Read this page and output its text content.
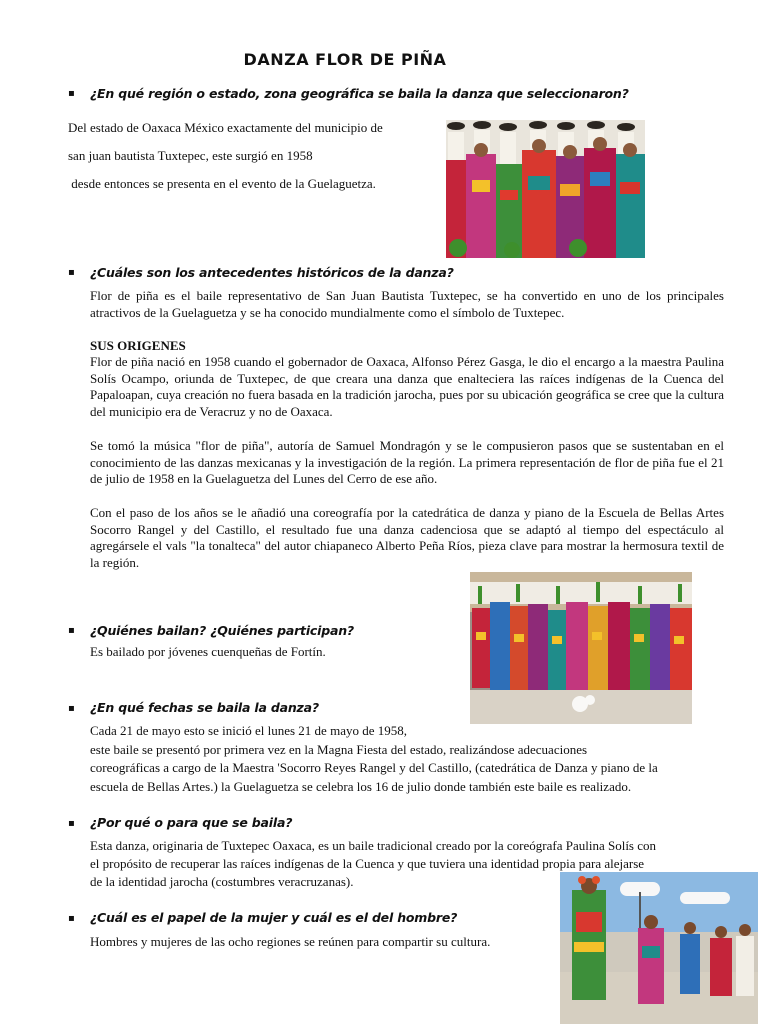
DANZA FLOR DE PIÑA
▪ ¿En qué región o estado, zona geográfica se baila la danza que seleccionaron?
Del estado de Oaxaca México exactamente del municipio de
san juan bautista Tuxtepec, este surgió en 1958
desde entonces se presenta en el evento de la Guelaguetza.
▪ ¿Cuáles son los antecedentes históricos de la danza?
Flor de piña es el baile representativo de San Juan Bautista Tuxtepec, se ha convertido en uno de los principales atractivos de la Guelaguetza y se ha conocido mundialmente como el símbolo de Tuxtepec.
SUS ORIGENES
Flor de piña nació en 1958 cuando el gobernador de Oaxaca, Alfonso Pérez Gasga, le dio el encargo a la maestra Paulina Solís Ocampo, oriunda de Tuxtepec, de que creara una danza que enalteciera las raíces indígenas de la Cuenca del Papaloapan, cuya creación no fuera basada en la tradición jarocha, pues por su ubicación geográfica se cree que la cultura del municipio era de Veracruz y no de Oaxaca.
Se tomó la música "flor de piña", autoría de Samuel Mondragón y se le compusieron pasos que se sustentaban en el conocimiento de las danzas mexicanas y la investigación de la región. La primera representación de flor de piña fue el 21 de julio de 1958 en la Guelaguetza del Lunes del Cerro de ese año.
Con el paso de los años se le añadió una coreografía por la catedrática de danza y piano de la Escuela de Bellas Artes Socorro Rangel y del Castillo, el resultado fue una danza cadenciosa que se adaptó al tiempo del espectáculo al agregársele el vals "la tonalteca" del autor chiapaneco Alberto Peña Ríos, pieza clave para mostrar la hermosura textil de la región.
▪ ¿Quiénes bailan? ¿Quiénes participan?
Es bailado por jóvenes cuenqueñas de Fortín.
▪ ¿En qué fechas se baila la danza?
Cada 21 de mayo esto se inició el lunes 21 de mayo de 1958,
este baile se presentó por primera vez en la Magna Fiesta del estado, realizándose adecuaciones
coreográficas a cargo de la Maestra 'Socorro Reyes Rangel y del Castillo, (catedrática de Danza y piano de la
escuela de Bellas Artes.) la Guelaguetza se celebra los 16 de julio donde también este baile es realizado.
▪ ¿Por qué o para que se baila?
Esta danza, originaria de Tuxtepec Oaxaca, es un baile tradicional creado por la coreógrafa Paulina Solís con
el propósito de recuperar las raíces indígenas de la Cuenca y que tuviera una identidad propia para alejarse
de la identidad jarocha (costumbres veracruzanas).
▪ ¿Cuál es el papel de la mujer y cuál es el del hombre?
Hombres y mujeres de las ocho regiones se reúnen para compartir su cultura.
